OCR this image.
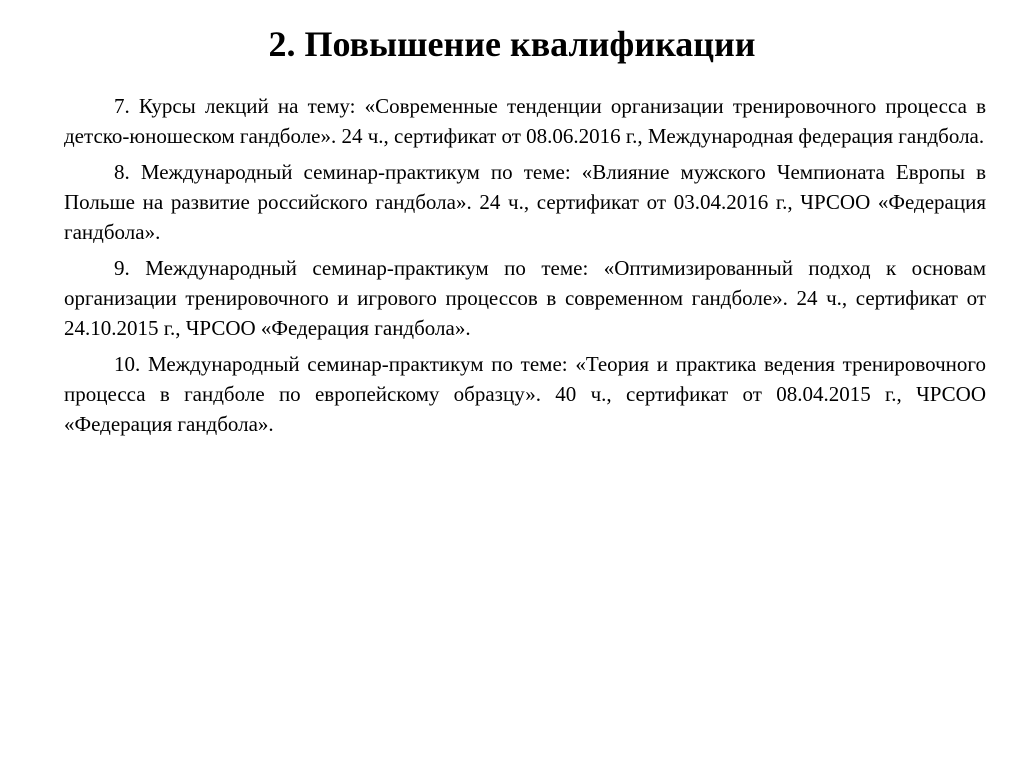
2. Повышение квалификации

7. Курсы лекций на тему: «Современные тенденции организации тренировочного процесса в детско-юношеском гандболе». 24 ч., сертификат от 08.06.2016 г., Международная федерация гандбола.

8. Международный семинар-практикум по теме: «Влияние мужского Чемпионата Европы в Польше на развитие российского гандбола». 24 ч., сертификат от 03.04.2016 г., ЧРСОО «Федерация гандбола».

9. Международный семинар-практикум по теме: «Оптимизированный подход к основам организации тренировочного и игрового процессов в современном гандболе». 24 ч., сертификат от 24.10.2015 г., ЧРСОО «Федерация гандбола».

10. Международный семинар-практикум по теме: «Теория и практика ведения тренировочного процесса в гандболе по европейскому образцу». 40 ч., сертификат от 08.04.2015 г., ЧРСОО «Федерация гандбола».
